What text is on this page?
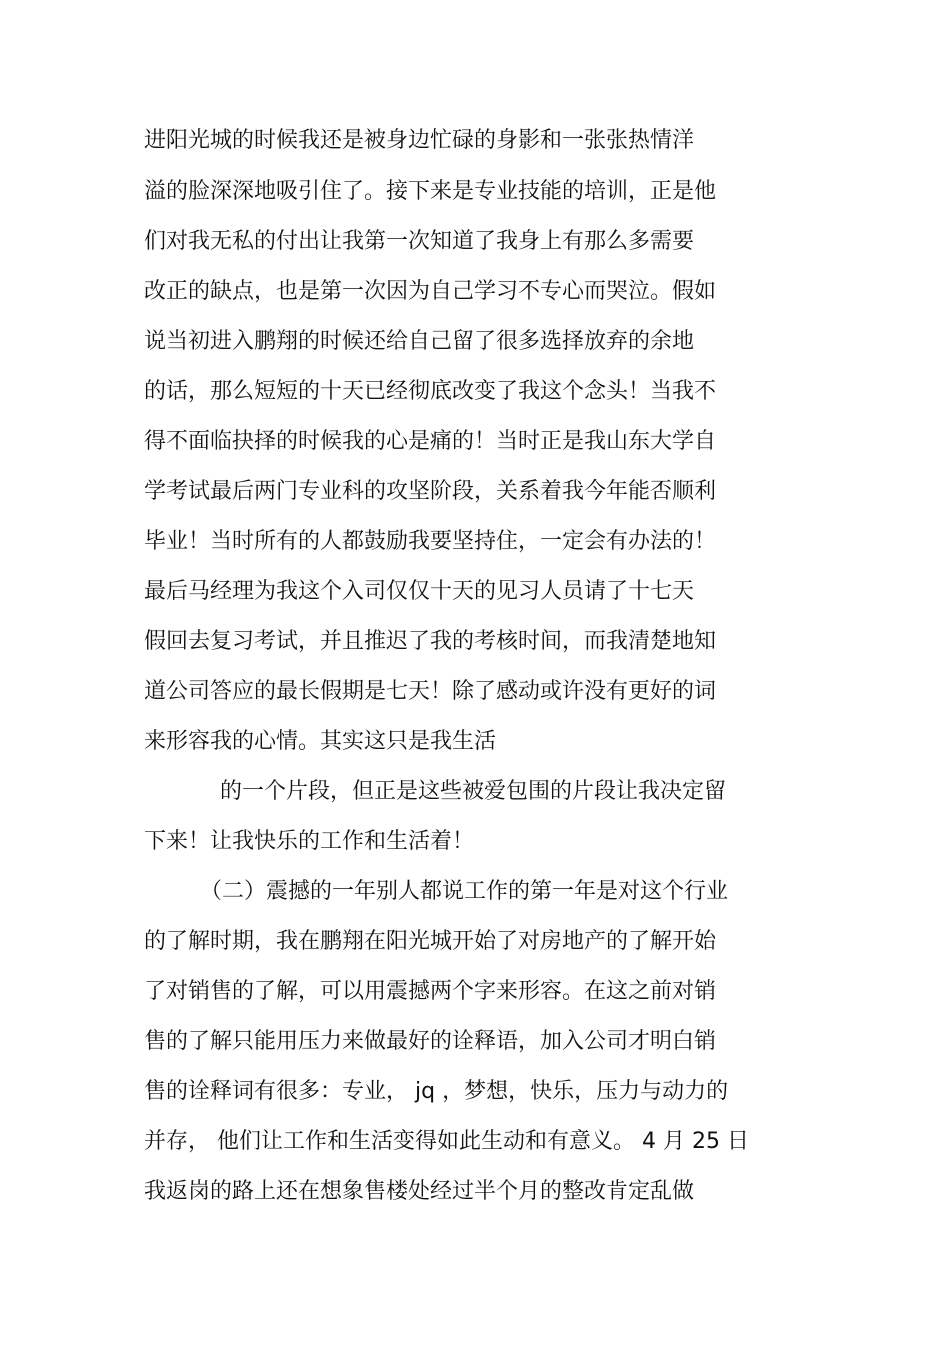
进阳光城的时候我还是被身边忙碌的身影和一张张热情洋
溢的脸深深地吸引住了。接下来是专业技能的培训，正是他
们对我无私的付出让我第一次知道了我身上有那么多需要
改正的缺点，也是第一次因为自己学习不专心而哭泣。假如
说当初进入鹏翔的时候还给自己留了很多选择放弃的余地
的话，那么短短的十天已经彻底改变了我这个念头！当我不
得不面临抉择的时候我的心是痛的！当时正是我山东大学自
学考试最后两门专业科的攻坚阶段，关系着我今年能否顺利
毕业！当时所有的人都鼓励我要坚持住，一定会有办法的！
最后马经理为我这个入司仅仅十天的见习人员请了十七天
假回去复习考试，并且推迟了我的考核时间，而我清楚地知
道公司答应的最长假期是七天！除了感动或许没有更好的词
来形容我的心情。其实这只是我生活
的一个片段，但正是这些被爱包围的片段让我决定留
下来！让我快乐的工作和生活着！
（二）震撼的一年别人都说工作的第一年是对这个行业
的了解时期，我在鹏翔在阳光城开始了对房地产的了解开始
了对销售的了解，可以用震撼两个字来形容。在这之前对销
售的了解只能用压力来做最好的诠释语，加入公司才明白销
售的诠释词有很多：专业， jq ，梦想，快乐，压力与动力的
并存， 他们让工作和生活变得如此生动和有意义。 4 月 25 日
我返岗的路上还在想象售楼处经过半个月的整改肯定乱做
